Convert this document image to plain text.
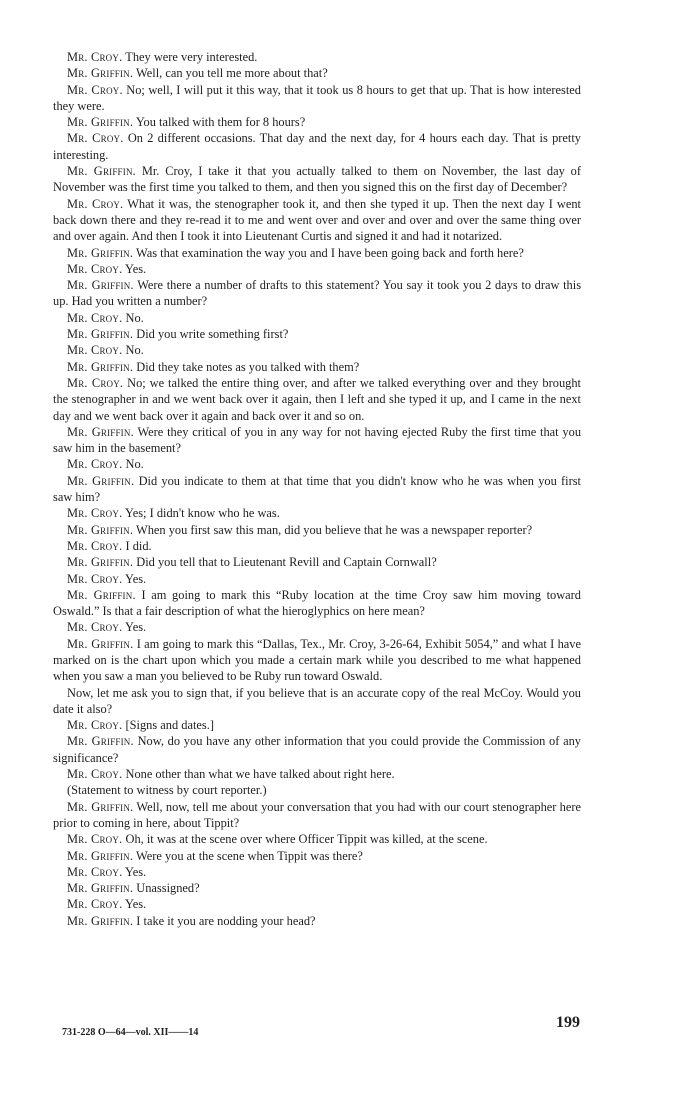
Mr. Croy. They were very interested.

Mr. Griffin. Well, can you tell me more about that?

Mr. Croy. No; well, I will put it this way, that it took us 8 hours to get that up. That is how interested they were.

Mr. Griffin. You talked with them for 8 hours?

Mr. Croy. On 2 different occasions. That day and the next day, for 4 hours each day. That is pretty interesting.

Mr. Griffin. Mr. Croy, I take it that you actually talked to them on November, the last day of November was the first time you talked to them, and then you signed this on the first day of December?

Mr. Croy. What it was, the stenographer took it, and then she typed it up. Then the next day I went back down there and they re-read it to me and went over and over and over and over the same thing over and over again. And then I took it into Lieutenant Curtis and signed it and had it notarized.

Mr. Griffin. Was that examination the way you and I have been going back and forth here?

Mr. Croy. Yes.

Mr. Griffin. Were there a number of drafts to this statement? You say it took you 2 days to draw this up. Had you written a number?

Mr. Croy. No.

Mr. Griffin. Did you write something first?

Mr. Croy. No.

Mr. Griffin. Did they take notes as you talked with them?

Mr. Croy. No; we talked the entire thing over, and after we talked everything over and they brought the stenographer in and we went back over it again, then I left and she typed it up, and I came in the next day and we went back over it again and back over it and so on.

Mr. Griffin. Were they critical of you in any way for not having ejected Ruby the first time that you saw him in the basement?

Mr. Croy. No.

Mr. Griffin. Did you indicate to them at that time that you didn't know who he was when you first saw him?

Mr. Croy. Yes; I didn't know who he was.

Mr. Griffin. When you first saw this man, did you believe that he was a newspaper reporter?

Mr. Croy. I did.

Mr. Griffin. Did you tell that to Lieutenant Revill and Captain Cornwall?

Mr. Croy. Yes.

Mr. Griffin. I am going to mark this “Ruby location at the time Croy saw him moving toward Oswald.” Is that a fair description of what the hieroglyphics on here mean?

Mr. Croy. Yes.

Mr. Griffin. I am going to mark this “Dallas, Tex., Mr. Croy, 3-26-64, Exhibit 5054,” and what I have marked on is the chart upon which you made a certain mark while you described to me what happened when you saw a man you believed to be Ruby run toward Oswald.

Now, let me ask you to sign that, if you believe that is an accurate copy of the real McCoy. Would you date it also?

Mr. Croy. [Signs and dates.]

Mr. Griffin. Now, do you have any other information that you could provide the Commission of any significance?

Mr. Croy. None other than what we have talked about right here.

(Statement to witness by court reporter.)

Mr. Griffin. Well, now, tell me about your conversation that you had with our court stenographer here prior to coming in here, about Tippit?

Mr. Croy. Oh, it was at the scene over where Officer Tippit was killed, at the scene.

Mr. Griffin. Were you at the scene when Tippit was there?

Mr. Croy. Yes.

Mr. Griffin. Unassigned?

Mr. Croy. Yes.

Mr. Griffin. I take it you are nodding your head?

199
731-228 O—64—vol. XII——14
